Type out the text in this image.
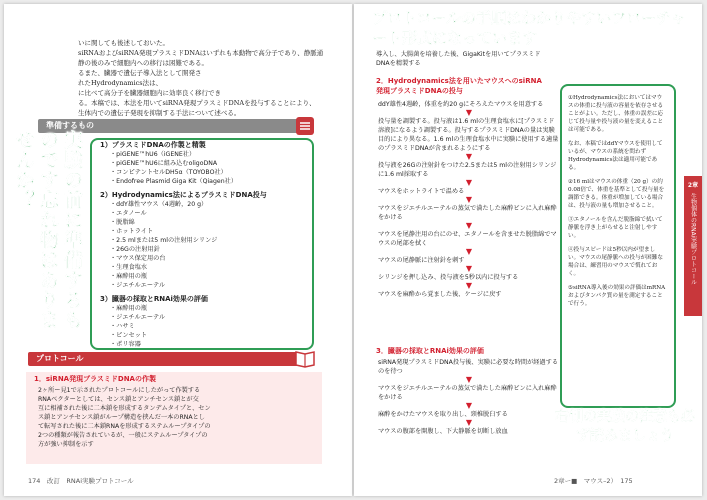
いに関しても後述しておいた。
siRNAおよびsiRNA発現プラスミドDNAはいずれも本動物で高分子であり、静脈通
静の後のみで細胞内への移行は困難である。
るまた、臓器で遺伝子導入法として開発さ
れたHydrodynamics法は、
に比べて高分子を臓器細胞内に効率良く移行でき
る。本稿では、本法を用いてsiRNA発現プラスミドDNAを投与することにより、
生体内での遺伝子発現を抑制する手法について述べる。
準備するもの
1）プラスミドDNAの作製と精製
・piGENE™hU6（iGENE社）
・piGENE™hU6に組み込むoligoDNA
・コンピテントセルDH5α（TOYOBO社）
・Endofree Plasmid Giga Kit（Qiagen社）
2）Hydrodynamics法によるプラスミドDNA投与
・ddY雄性マウス（4週齢，20 g）
・エタノール
・脱脂綿
・ホットライト
・2.5 mlまたは5 mlの注射用シリンジ
・26Gの注射用針
・マウス保定用の台
・生理食塩水
・麻酔用の瓶
・ジエチルエーテル
3）臓器の採取とRNAi効果の評価
・麻酔用の瓶
・ジエチルエーテル
・ハサミ
・ピンセット
・ポリ容器
実験の前に準備するものです忘れ物はありませんか？
プロトコール
1．siRNA発現プラスミドDNAの作製
2ヶ所ー見1で示されたプロトコールにしたがって作製する
RNAベクターとしては、センス鎖とアンチセンス鎖とが交
互に相補された後に二本鎖を形成するタンデムタイプと、セン
ス鎖とアンチセンス鎖がループ構造を挟んだ一本のRNAとし
て転写された後に二本鎖RNAを形成するステムループタイプの
2つの種類が報告されているが、一般にステムループタイプの
方が強い抑制を示す
174　改訂　RNAi実験プロトコール
プロトコールの手順はわかりやすいフローチャート形式になっています
導入し、大腸菌を培養した後、GigaKitを用いてプラスミド
DNAを精製する
2．Hydrodynamics法を用いたマウスへのsiRNA発現プラスミドDNAの投与
ddY雄性4週齢，体重を約20 gにそろえたマウスを用意する
▼
投与量を調製する。投与液は1.6 mlの生理食塩水に[プラスミド溶液]になるよう調製する。投与するプラスミドDNAの量は実験目的により異なる。1.6 mlの生理食塩水中に実験に使用する適量のプラスミドDNAが含まれるようにする
▼
投与液を26Gの注射針をつけた2.5または5 mlの注射用シリンジに1.6 ml採取する
▼
マウスをホットライトで温める
▼
マウスをジエチルエーテルの蒸気で満たした麻酔ビンに入れ麻酔をかける
▼
マウスを尾静注用の台にのせ、エタノールを含ませた脱脂綿でマウスの尾部を拭く
▼
マウスの尾静脈に注射針を刺す
▼
シリンジを押し込み、投与液を5秒以内に投与する
▼
マウスを麻酔から覚ました後、ケージに戻す
3．臓器の採取とRNAi効果の評価
siRNA発現プラスミドDNA投与後、実験に必要な時間が経過するのを待つ
▼
マウスをジエチルエーテルの蒸気で満たした麻酔ビンに入れ麻酔をかける
▼
麻酔をかけたマウスを取り出し、頸椎脱臼する
▼
マウスの腹部を開腹し、下大静脈を切断し放血

①Hydrodynamics法においてはマウスの体重に投与液の容量を依存させることがよい。ただし、体重の誤差に応じて投与量や投与液の量を変えることは可能である。

なお、本稿ではddYマウスを使用しているが、マウスの系統を問わずHydrodynamics法は適用可能である。

②16 mlはマウスの体重（20 g）の約0.08倍で、体重を基準として投与量を調節できる。体重が増加している場合は、投与液の量も増加させること。

③エタノールを含んだ脱脂綿で拭いて静脈を浮き上がらせると注射しやすい。

④投与スピードは5秒以内が望ましい。マウスの尾静脈への投与が困難な場合は、練習用のマウスで慣れておく。

⑤siRNA導入後の効果の評価はmRNAおよびタンパク質の量を測定することで行う。

右側の実験の注意も必ず読みましょう
2章
生物個体のRNAi実験プロトコール
2章ー■　マウス–2）　175
